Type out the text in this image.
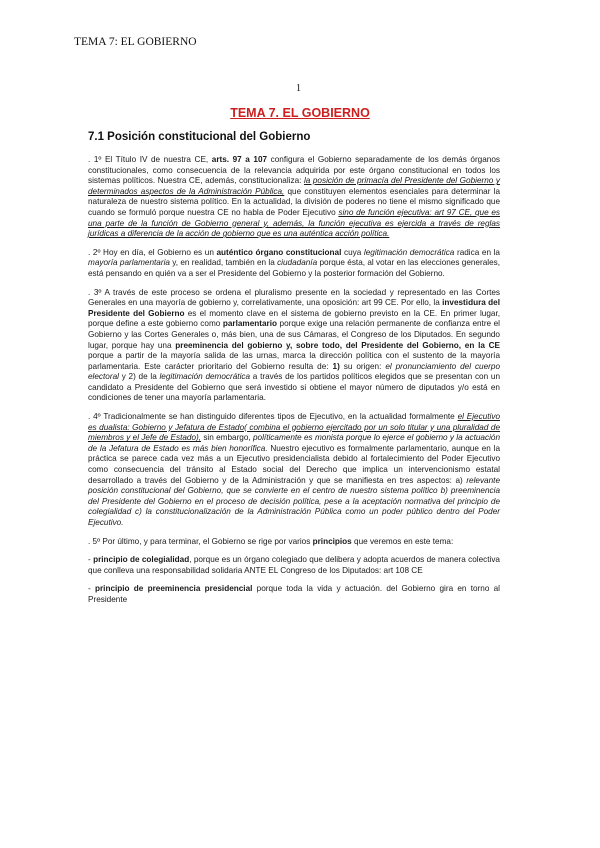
TEMA 7: EL GOBIERNO
1
TEMA 7. EL GOBIERNO
7.1 Posición constitucional del Gobierno

. 1º El Título IV de nuestra CE, arts. 97 a 107 configura el Gobierno separadamente de los demás órganos constitucionales, como consecuencia de la relevancia adquirida por este órgano constitucional en todos los sistemas políticos. Nuestra CE, además, constitucionaliza: la posición de primacía del Presidente del Gobierno y determinados aspectos de la Administración Pública, que constituyen elementos esenciales para determinar la naturaleza de nuestro sistema político. En la actualidad, la división de poderes no tiene el mismo significado que cuando se formuló porque nuestra CE no habla de Poder Ejecutivo sino de función ejecutiva: art 97 CE, que es una parte de la función de Gobierno general y, además, la función ejecutiva es ejercida a través de reglas jurídicas a diferencia de la acción de gobierno que es una auténtica acción política.

. 2º Hoy en día, el Gobierno es un auténtico órgano constitucional cuya legitimación democrática radica en la mayoría parlamentaria y, en realidad, también en la ciudadanía porque ésta, al votar en las elecciones generales, está pensando en quién va a ser el Presidente del Gobierno y la posterior formación del Gobierno.

. 3º A través de este proceso se ordena el pluralismo presente en la sociedad y representado en las Cortes Generales en una mayoría de gobierno y, correlativamente, una oposición: art 99 CE. Por ello, la investidura del Presidente del Gobierno es el momento clave en el sistema de gobierno previsto en la CE. En primer lugar, porque define a este gobierno como parlamentario porque exige una relación permanente de confianza entre el Gobierno y las Cortes Generales o, más bien, una de sus Cámaras, el Congreso de los Diputados. En segundo lugar, porque hay una preeminencia del gobierno y, sobre todo, del Presidente del Gobierno, en la CE porque a partir de la mayoría salida de las urnas, marca la dirección política con el sustento de la mayoría parlamentaria. Este carácter prioritario del Gobierno resulta de: 1) su origen: el pronunciamiento del cuerpo electoral y 2) de la legitimación democrática a través de los partidos políticos elegidos que se presentan con un candidato a Presidente del Gobierno que será investido si obtiene el mayor número de diputados y/o está en condiciones de tener una mayoría parlamentaria.

. 4º Tradicionalmente se han distinguido diferentes tipos de Ejecutivo, en la actualidad formalmente el Ejecutivo es dualista: Gobierno y Jefatura de Estado( combina el gobierno ejercitado por un solo titular y una pluralidad de miembros y el Jefe de Estado), sin embargo, políticamente es monista porque lo ejerce el gobierno y la actuación de la Jefatura de Estado es más bien honorífica. Nuestro ejecutivo es formalmente parlamentario, aunque en la práctica se parece cada vez más a un Ejecutivo presidencialista debido al fortalecimiento del Poder Ejecutivo como consecuencia del tránsito al Estado social del Derecho que implica un intervencionismo estatal desarrollado a través del Gobierno y de la Administración y que se manifiesta en tres aspectos: a) relevante posición constitucional del Gobierno, que se convierte en el centro de nuestro sistema político b) preeminencia del Presidente del Gobierno en el proceso de decisión política, pese a la aceptación normativa del principio de colegialidad c) la constitucionalización de la Administración Pública como un poder público dentro del Poder Ejecutivo.

. 5º Por último, y para terminar, el Gobierno se rige por varios principios que veremos en este tema:

- principio de colegialidad, porque es un órgano colegiado que delibera y adopta acuerdos de manera colectiva que conlleva una responsabilidad solidaria ANTE EL Congreso de los Diputados: art 108 CE

- principio de preeminencia presidencial porque toda la vida y actuación. del Gobierno gira en torno al Presidente
